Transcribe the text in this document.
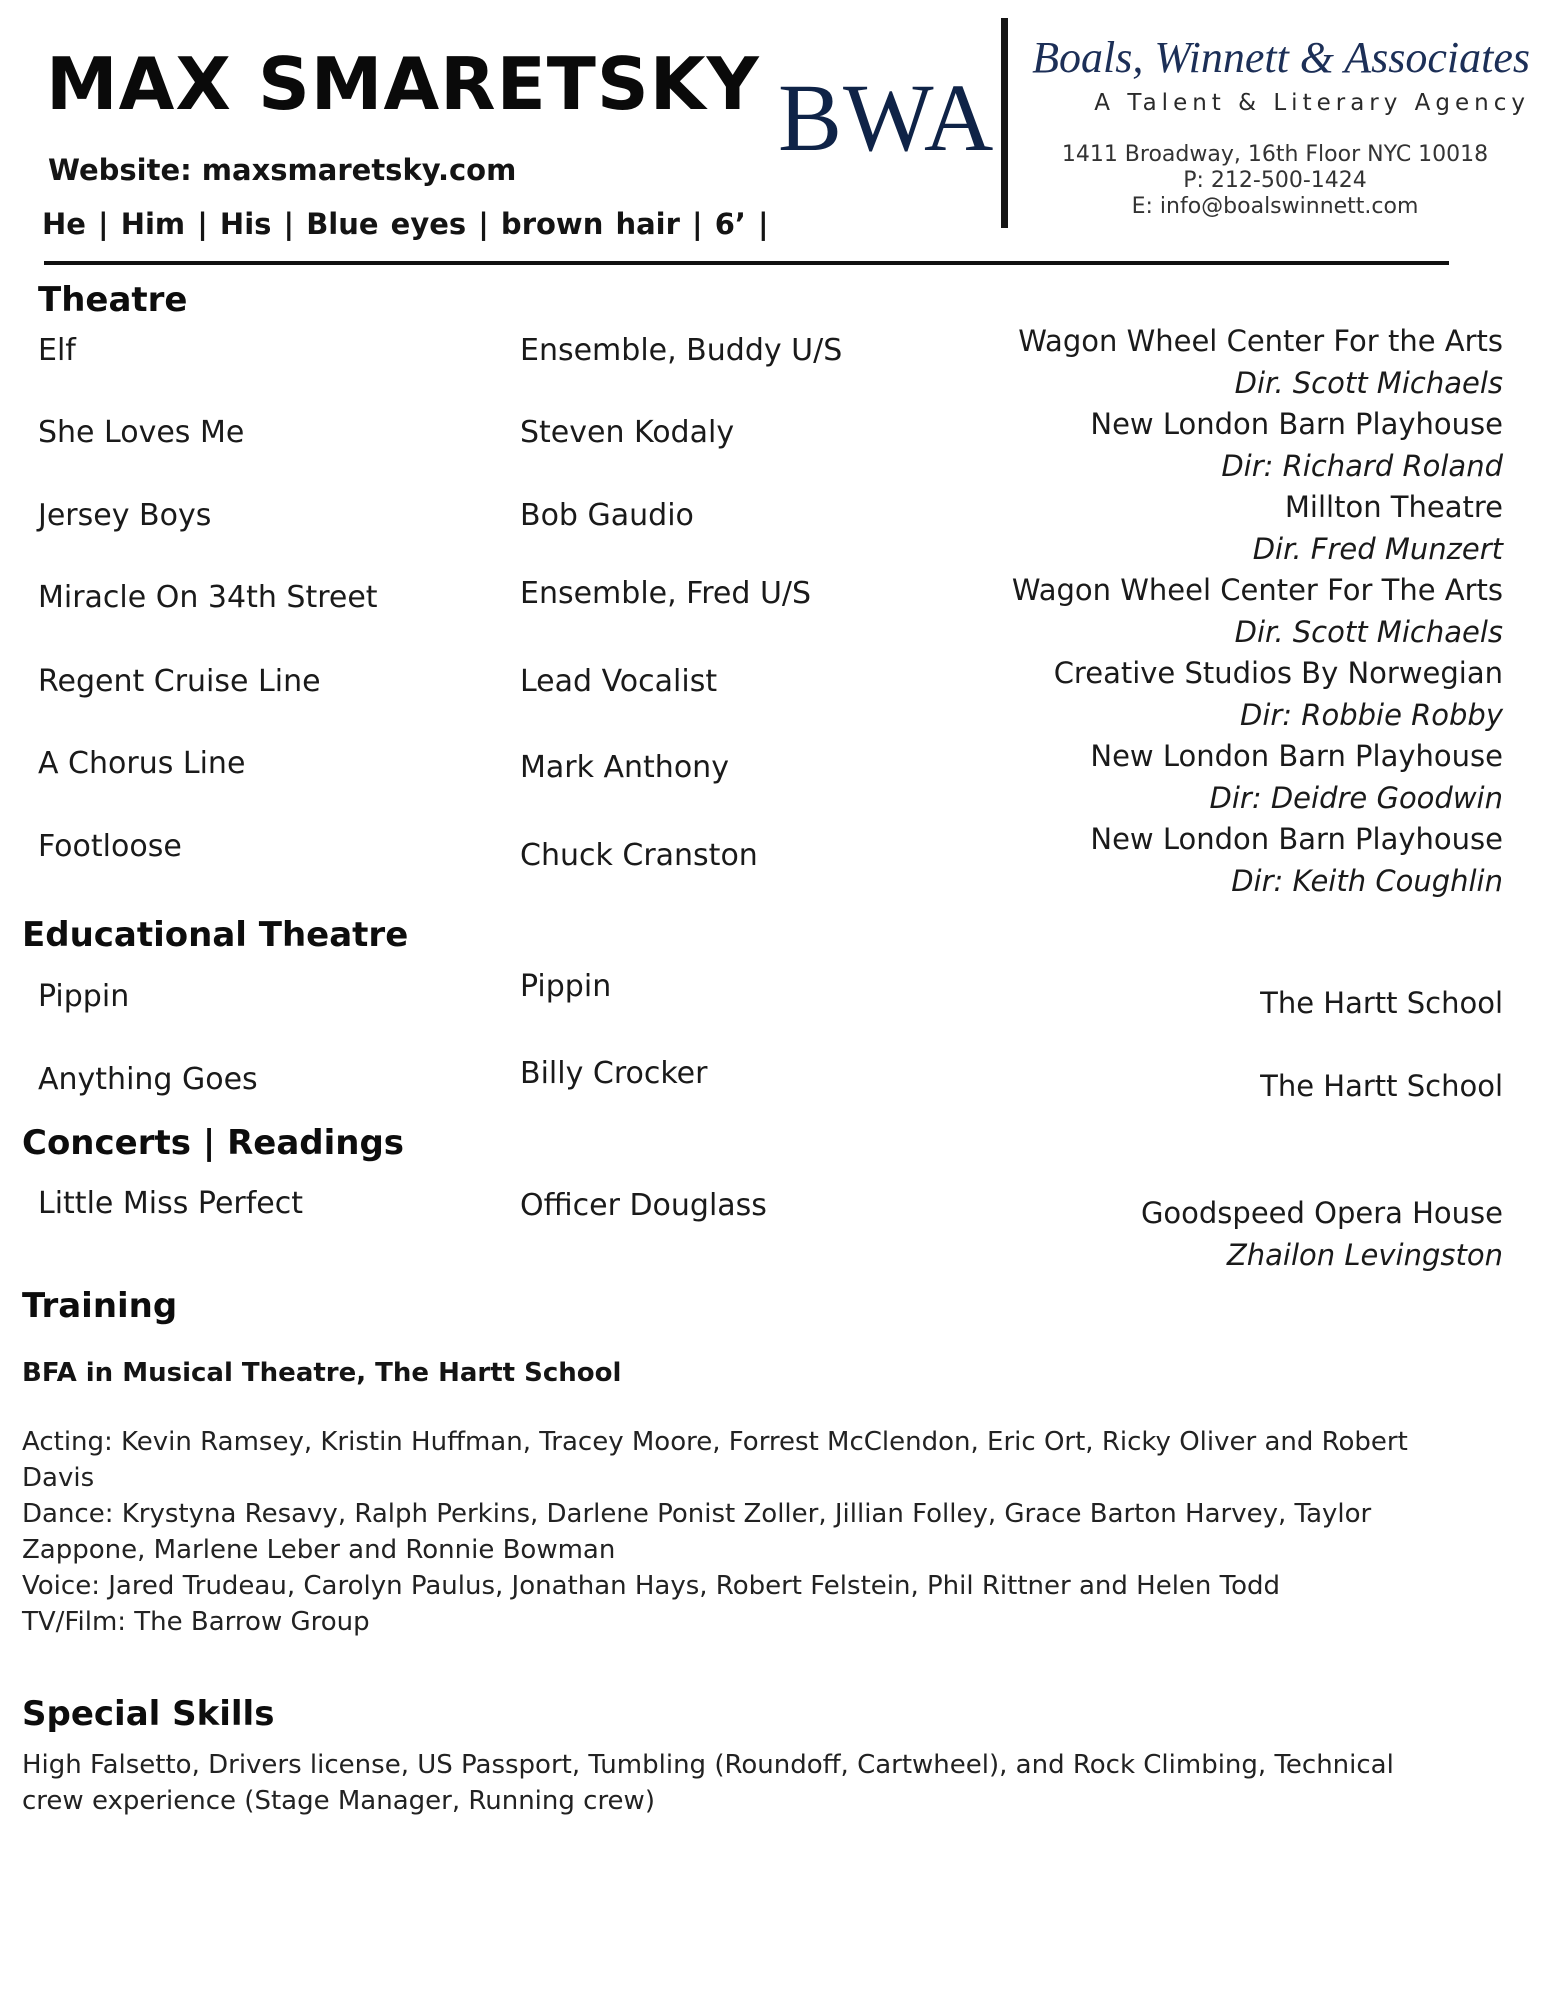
MAX SMARETSKY
Website: maxsmaretsky.com
He | Him | His | Blue eyes | brown hair | 6’ |
BWA
Boals, Winnett & Associates
A Talent & Literary Agency
1411 Broadway, 16th Floor NYC 10018
P: 212-500-1424
E: info@boalswinnett.com
Theatre
Elf	Ensemble, Buddy U/S	Wagon Wheel Center For the Arts
Dir. Scott Michaels
She Loves Me	Steven Kodaly	New London Barn Playhouse
Dir: Richard Roland
Jersey Boys	Bob Gaudio	Millton Theatre
Dir. Fred Munzert
Miracle On 34th Street	Ensemble, Fred U/S	Wagon Wheel Center For The Arts
Dir. Scott Michaels
Regent Cruise Line	Lead Vocalist	Creative Studios By Norwegian
Dir: Robbie Robby
A Chorus Line	Mark Anthony	New London Barn Playhouse
Dir: Deidre Goodwin
Footloose	Chuck Cranston	New London Barn Playhouse
Dir: Keith Coughlin
Educational Theatre
Pippin	Pippin	The Hartt School
Anything Goes	Billy Crocker	The Hartt School
Concerts | Readings
Little Miss Perfect	Officer Douglass	Goodspeed Opera House
Zhailon Levingston
Training
BFA in Musical Theatre, The Hartt School
Acting: Kevin Ramsey, Kristin Huffman, Tracey Moore, Forrest McClendon, Eric Ort, Ricky Oliver and Robert Davis
Dance: Krystyna Resavy, Ralph Perkins, Darlene Ponist Zoller, Jillian Folley, Grace Barton Harvey, Taylor Zappone, Marlene Leber and Ronnie Bowman
Voice: Jared Trudeau, Carolyn Paulus, Jonathan Hays, Robert Felstein, Phil Rittner and Helen Todd
TV/Film: The Barrow Group
Special Skills
High Falsetto, Drivers license, US Passport, Tumbling (Roundoff, Cartwheel), and Rock Climbing, Technical crew experience (Stage Manager, Running crew)
